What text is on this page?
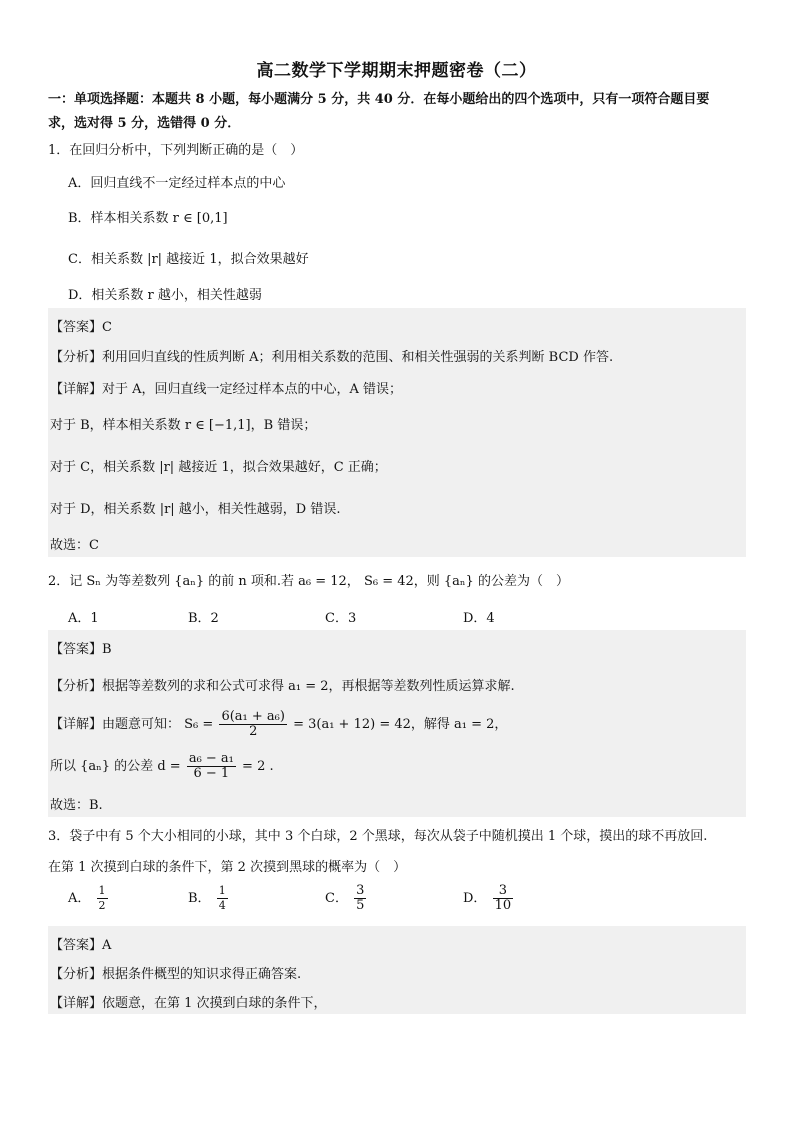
高二数学下学期期末押题密卷（二）
一：单项选择题：本题共 8 小题，每小题满分 5 分，共 40 分．在每小题给出的四个选项中，只有一项符合题目要
求，选对得 5 分，选错得 0 分．
1．在回归分析中，下列判断正确的是（　）
A．回归直线不一定经过样本点的中心
B．样本相关系数 r ∈ [0,1]
C．相关系数 |r| 越接近 1，拟合效果越好
D．相关系数 r 越小，相关性越弱
【答案】C
【分析】利用回归直线的性质判断 A；利用相关系数的范围、和相关性强弱的关系判断 BCD 作答.
【详解】对于 A，回归直线一定经过样本点的中心，A 错误；
对于 B，样本相关系数 r ∈ [−1,1]，B 错误；
对于 C，相关系数 |r| 越接近 1，拟合效果越好，C 正确；
对于 D，相关系数 |r| 越小，相关性越弱，D 错误.
故选：C
2．记 Sₙ 为等差数列 {aₙ} 的前 n 项和.若 a₆ = 12， S₆ = 42，则 {aₙ} 的公差为（　）
A．1	B．2	C．3	D．4
【答案】B
【分析】根据等差数列的求和公式可求得 a₁ = 2，再根据等差数列性质运算求解.
【详解】由题意可知： $S_6 = \frac{\text{6(a₁ + a₆)}}{2} = 3(a_1 + 12) = 42$，解得 a₁ = 2，
所以 {aₙ} 的公差 $d = \frac{\text{a₆ − a₁}}{6 - 1} = 2$ .
故选：B.
3．袋子中有 5 个大小相同的小球，其中 3 个白球，2 个黑球，每次从袋子中随机摸出 1 个球，摸出的球不再放回.
在第 1 次摸到白球的条件下，第 2 次摸到黑球的概率为（　）
A． $\frac{1}{2}$	B． $\frac{1}{4}$	C． $\frac{3}{5}$	D． $\frac{3}{10}$
【答案】A
【分析】根据条件概型的知识求得正确答案.
【详解】依题意，在第 1 次摸到白球的条件下，
